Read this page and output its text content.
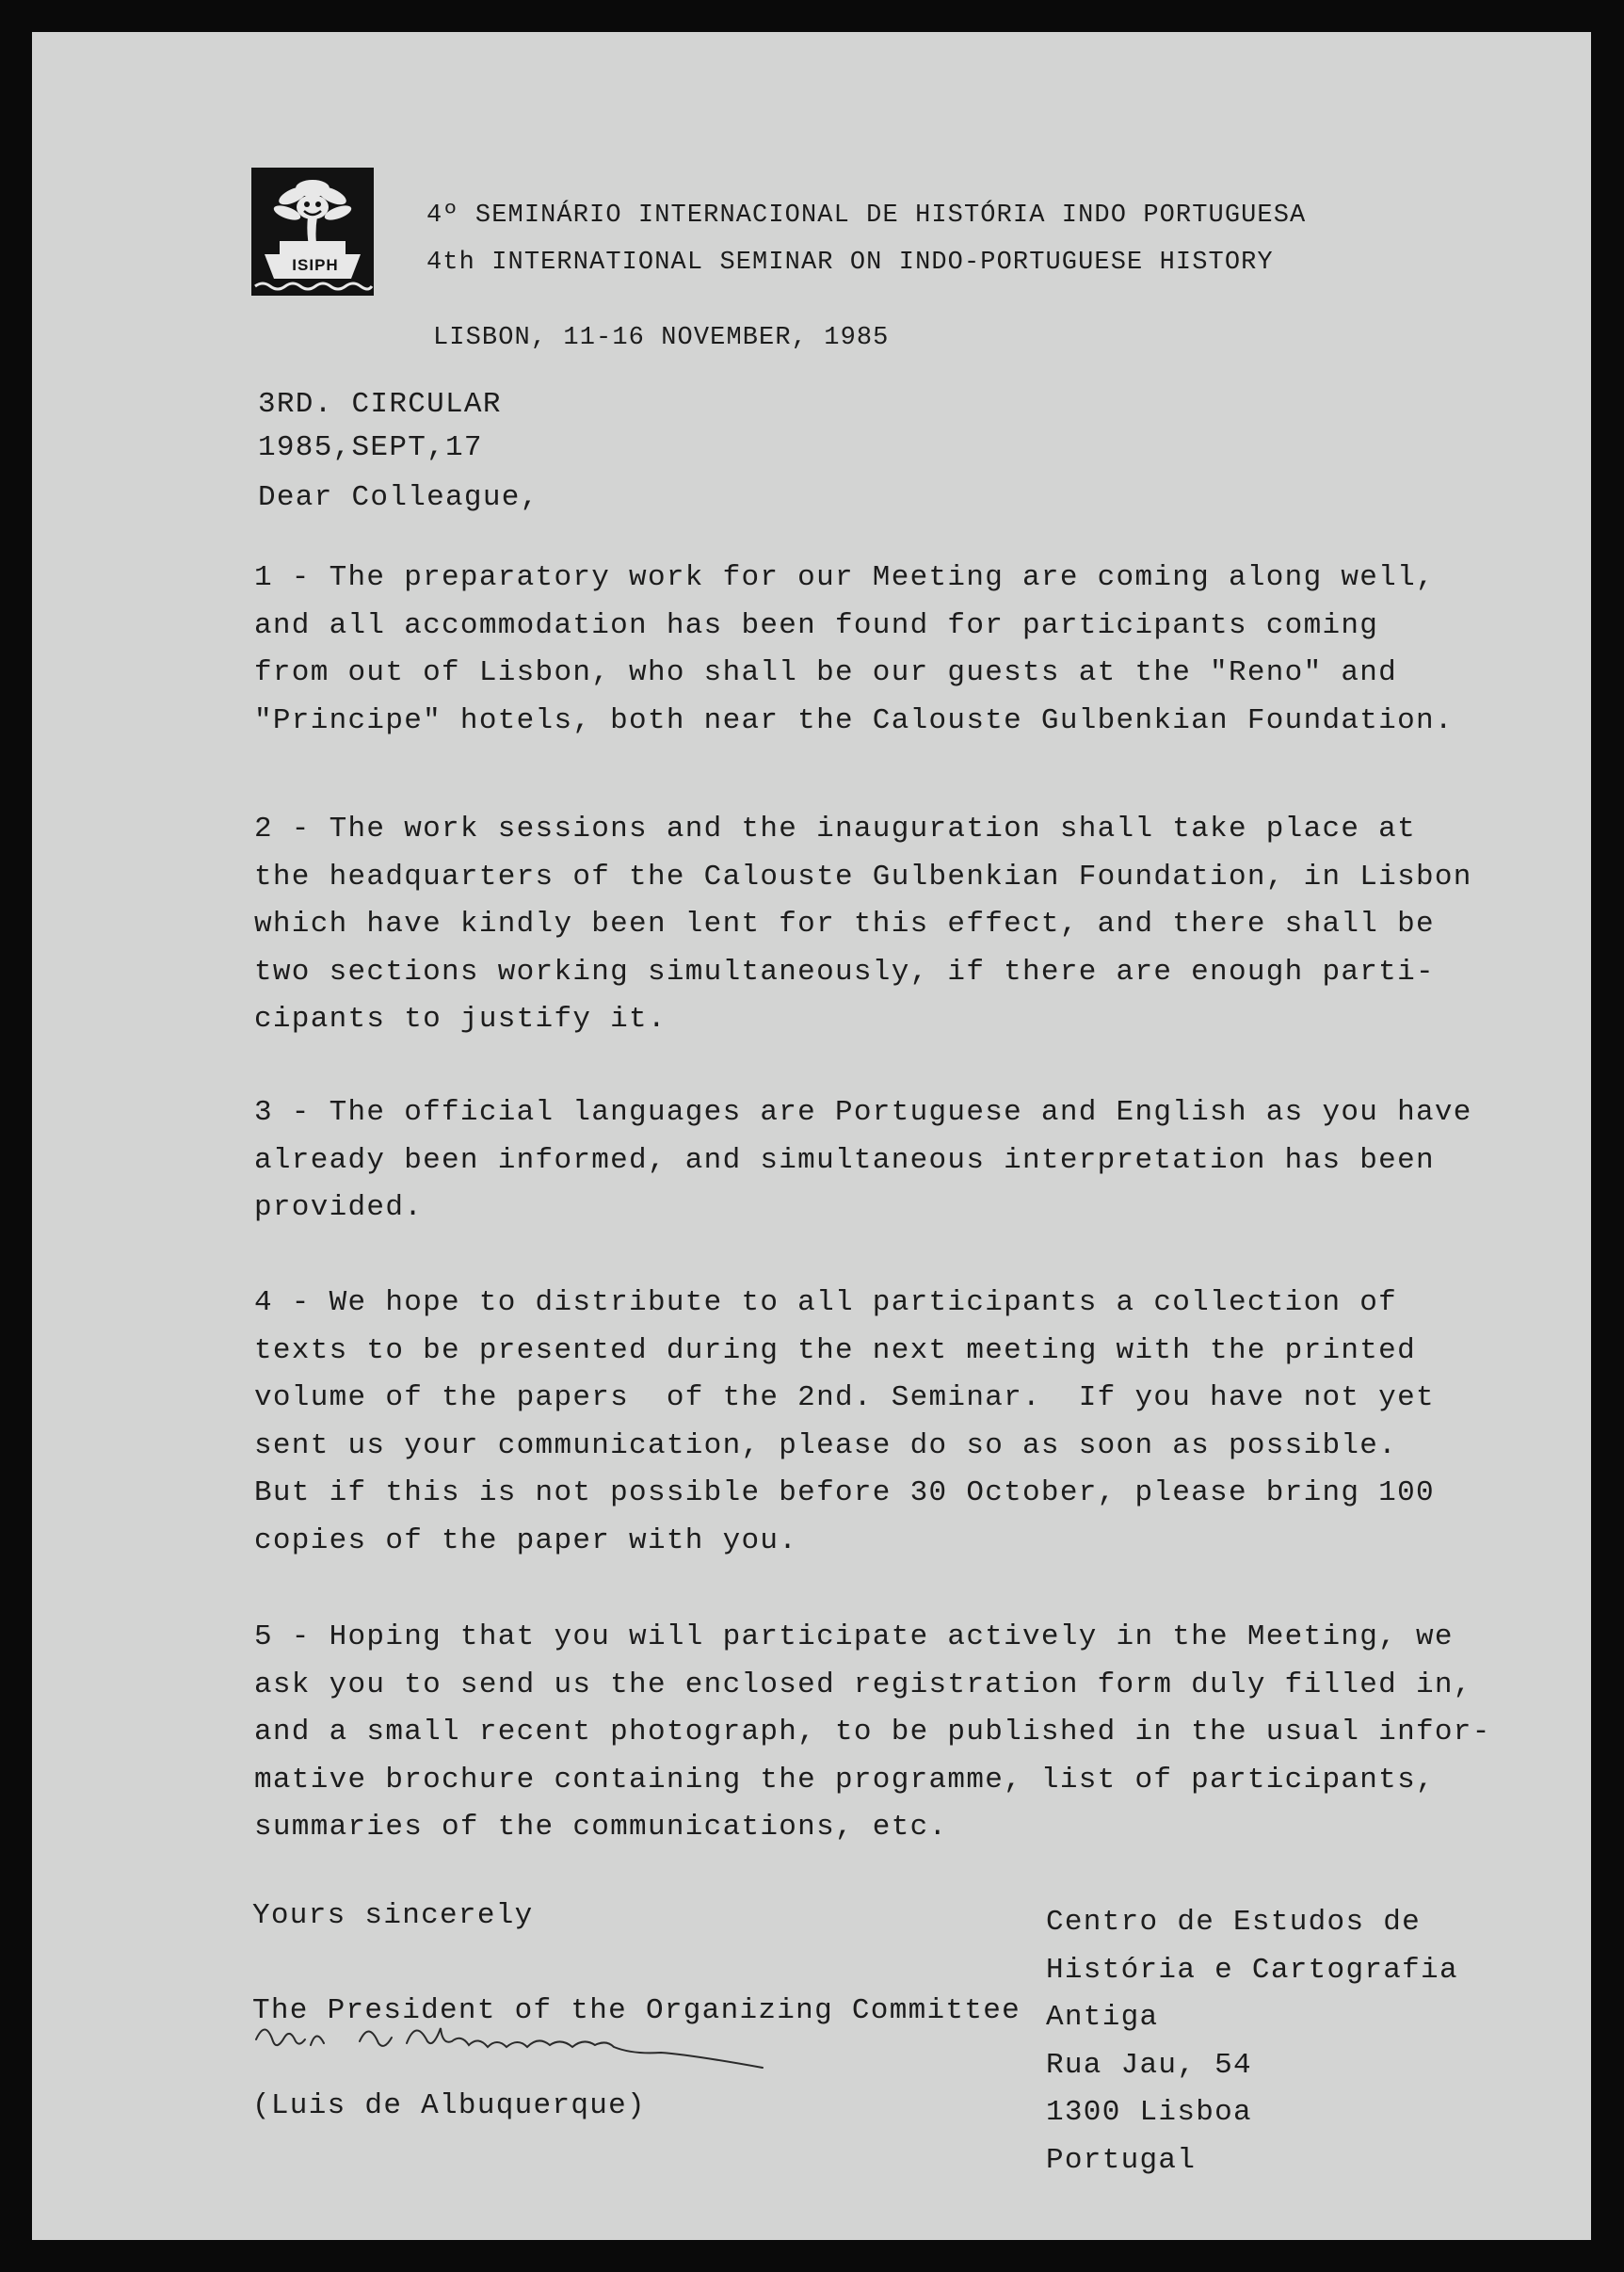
ISIPH
4º SEMINÁRIO INTERNACIONAL DE HISTÓRIA INDO PORTUGUESA
4th INTERNATIONAL SEMINAR ON INDO-PORTUGUESE HISTORY
LISBON, 11-16 NOVEMBER, 1985
3RD. CIRCULAR
1985,SEPT,17
Dear Colleague,
1 - The preparatory work for our Meeting are coming along well,
and all accommodation has been found for participants coming
from out of Lisbon, who shall be our guests at the "Reno" and
"Principe" hotels, both near the Calouste Gulbenkian Foundation.
2 - The work sessions and the inauguration shall take place at
the headquarters of the Calouste Gulbenkian Foundation, in Lisbon
which have kindly been lent for this effect, and there shall be
two sections working simultaneously, if there are enough parti-
cipants to justify it.
3 - The official languages are Portuguese and English as you have
already been informed, and simultaneous interpretation has been
provided.
4 - We hope to distribute to all participants a collection of
texts to be presented during the next meeting with the printed
volume of the papers  of the 2nd. Seminar.  If you have not yet
sent us your communication, please do so as soon as possible.
But if this is not possible before 30 October, please bring 100
copies of the paper with you.
5 - Hoping that you will participate actively in the Meeting, we
ask you to send us the enclosed registration form duly filled in,
and a small recent photograph, to be published in the usual infor-
mative brochure containing the programme, list of participants,
summaries of the communications, etc.
Yours sincerely
The President of the Organizing Committee
(Luis de Albuquerque)
Centro de Estudos de
História e Cartografia
Antiga
Rua Jau, 54
1300 Lisboa
Portugal
